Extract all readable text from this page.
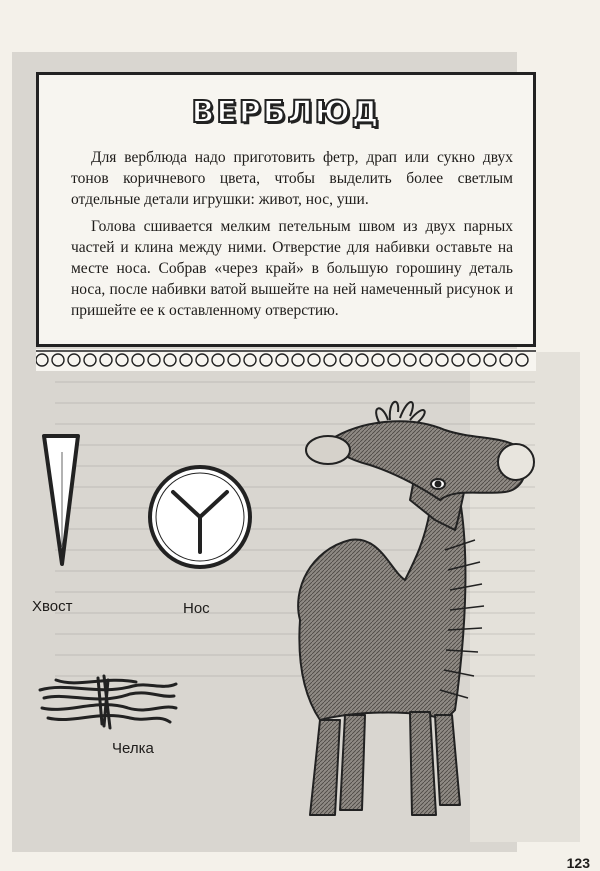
ВЕРБЛЮД

Для верблюда надо приготовить фетр, драп или сукно двух тонов коричневого цвета, чтобы выделить более светлым отдельные детали игрушки: живот, нос, уши.

Голова сшивается мелким петельным швом из двух парных частей и клина между ними. Отверстие для набивки оставьте на месте носа. Собрав «через край» в большую горошину деталь носа, после набивки ватой вышейте на ней намеченный рисунок и пришейте ее к оставленному отверстию.

Хвост	Нос
Челка
123
